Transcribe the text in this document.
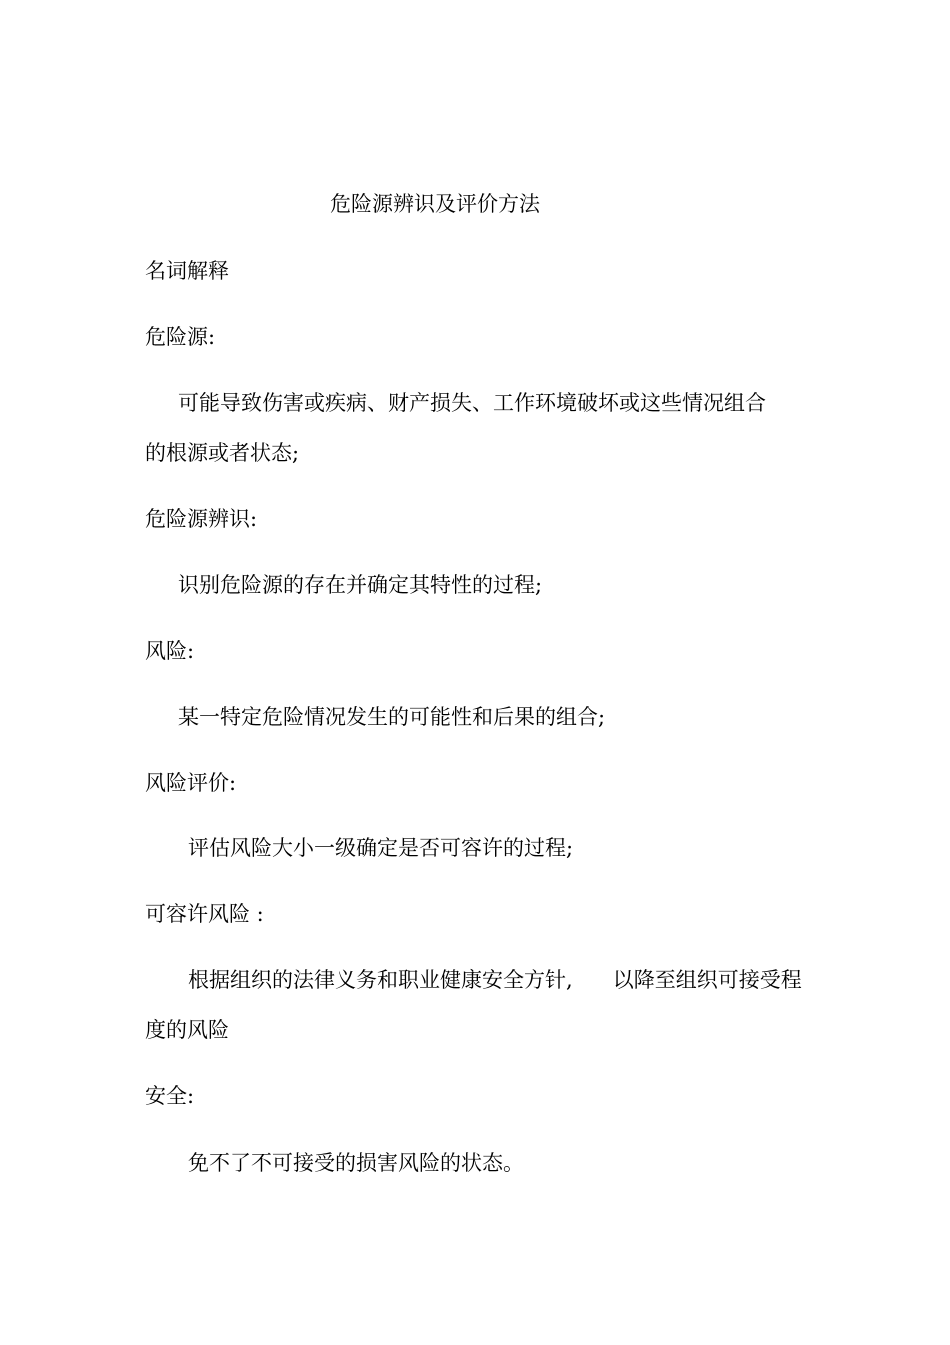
危险源辨识及评价方法
名词解释
危险源:
可能导致伤害或疾病、财产损失、工作环境破坏或这些情况组合
的根源或者状态;
危险源辨识:
识别危险源的存在并确定其特性的过程;
风险:
某一特定危险情况发生的可能性和后果的组合;
风险评价:
评估风险大小一级确定是否可容许的过程;
可容许风险 :
根据组织的法律义务和职业健康安全方针,      以降至组织可接受程
度的风险
安全:
免不了不可接受的损害风险的状态。
